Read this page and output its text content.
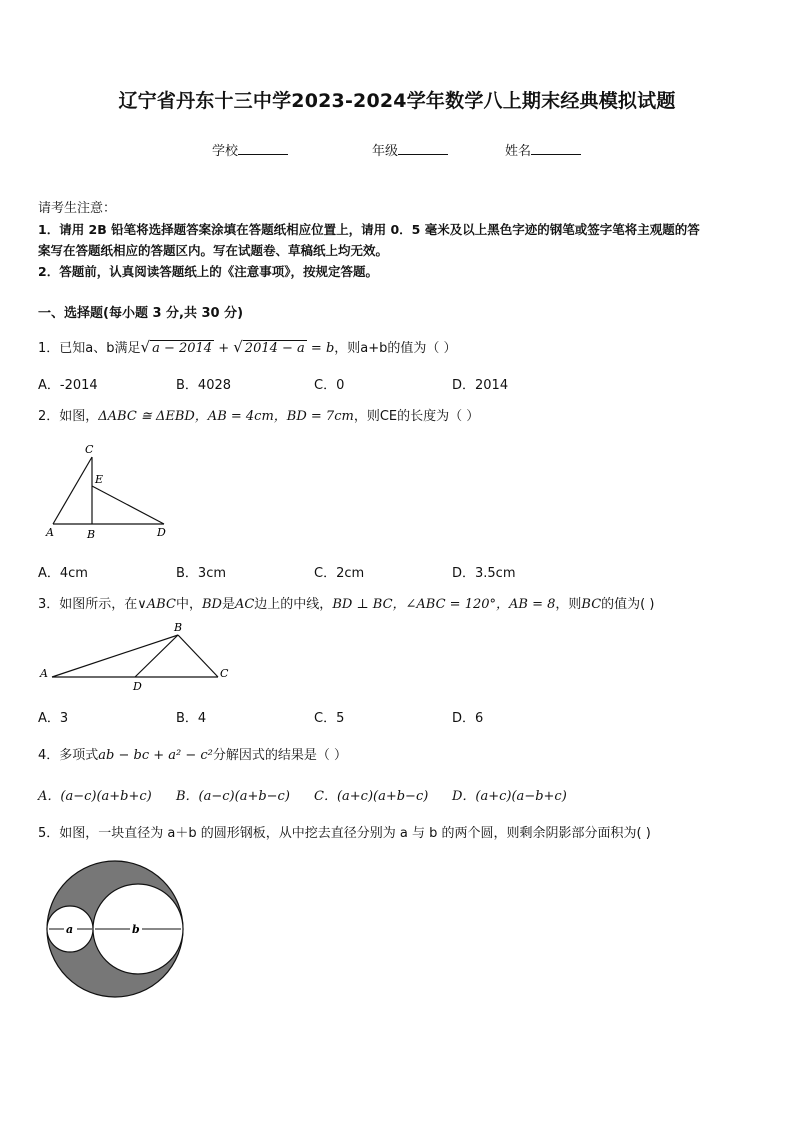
辽宁省丹东十三中学2023-2024学年数学八上期末经典模拟试题
学校	年级	姓名
请考生注意：
1．请用 2B 铅笔将选择题答案涂填在答题纸相应位置上，请用 0．5 毫米及以上黑色字迹的钢笔或签字笔将主观题的答
案写在答题纸相应的答题区内。写在试题卷、草稿纸上均无效。
2．答题前，认真阅读答题纸上的《注意事项》，按规定答题。
一、选择题(每小题 3 分,共 30 分)
1．已知a、b满足√ a − 2014 + √ 2014 − a = b，则a+b的值为（ ）
A．-2014	B．4028	C．0	D．2014
2．如图，ΔABC ≅ ΔEBD，AB = 4cm，BD = 7cm，则CE的长度为（ ）
C
E
A	B	D
A．4cm	B．3cm	C．2cm	D．3.5cm
3．如图所示，在∨ABC中，BD是AC边上的中线，BD ⊥ BC，∠ABC = 120°，AB = 8，则BC的值为( )
B
A	C
D
A．3	B．4	C．5	D．6
4．多项式ab − bc + a² − c²分解因式的结果是（ ）
A．(a−c)(a+b+c) B．(a−c)(a+b−c) C．(a+c)(a+b−c) D．(a+c)(a−b+c)
5．如图，一块直径为 a＋b 的圆形钢板，从中挖去直径分别为 a 与 b 的两个圆，则剩余阴影部分面积为( )
a	b
